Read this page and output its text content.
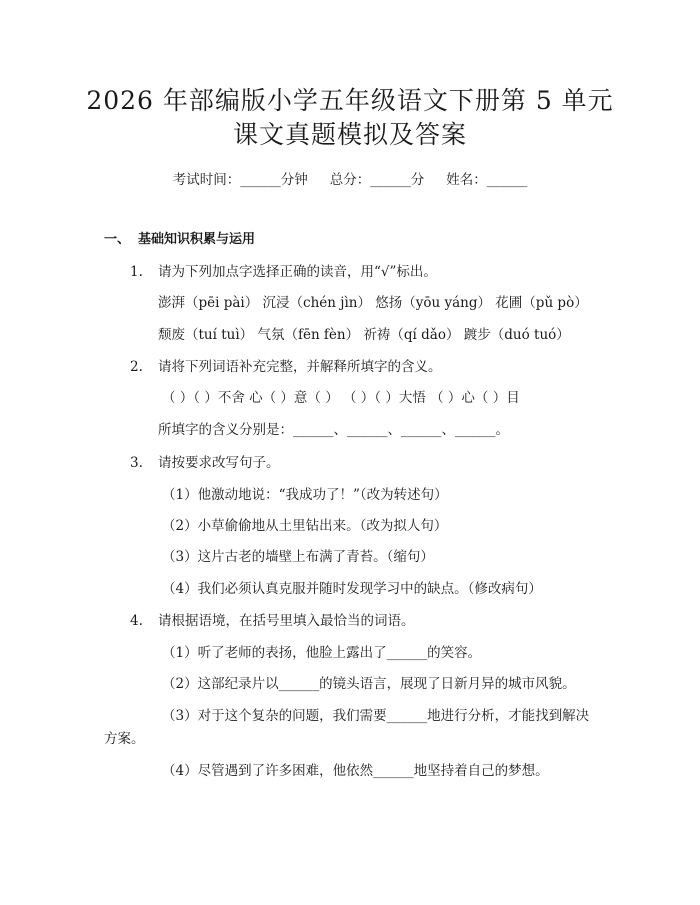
2026 年部编版小学五年级语文下册第 5 单元
课文真题模拟及答案
考试时间：______分钟 总分：______分 姓名：______
一、 基础知识积累与运用
1. 请为下列加点字选择正确的读音，用“√”标出。
澎湃（pēi pài） 沉浸（chén jìn） 悠扬（yōu yáng） 花圃（pǔ pò）
颓废（tuí tuì） 气氛（fēn fèn） 祈祷（qí dǎo） 踱步（duó tuó）
2. 请将下列词语补充完整，并解释所填字的含义。
（ ）（ ）不舍 心（ ）意（ ） （ ）（ ）大悟 （ ）心（ ）目
所填字的含义分别是：______、______、______、______。
3. 请按要求改写句子。
（1）他激动地说：“我成功了！”（改为转述句）
（2）小草偷偷地从土里钻出来。（改为拟人句）
（3）这片古老的墙壁上布满了青苔。（缩句）
（4）我们必须认真克服并随时发现学习中的缺点。（修改病句）
4. 请根据语境，在括号里填入最恰当的词语。
（1）听了老师的表扬，他脸上露出了______的笑容。
（2）这部纪录片以______的镜头语言，展现了日新月异的城市风貌。
（3）对于这个复杂的问题，我们需要______地进行分析，才能找到解决
方案。
（4）尽管遇到了许多困难，他依然______地坚持着自己的梦想。
